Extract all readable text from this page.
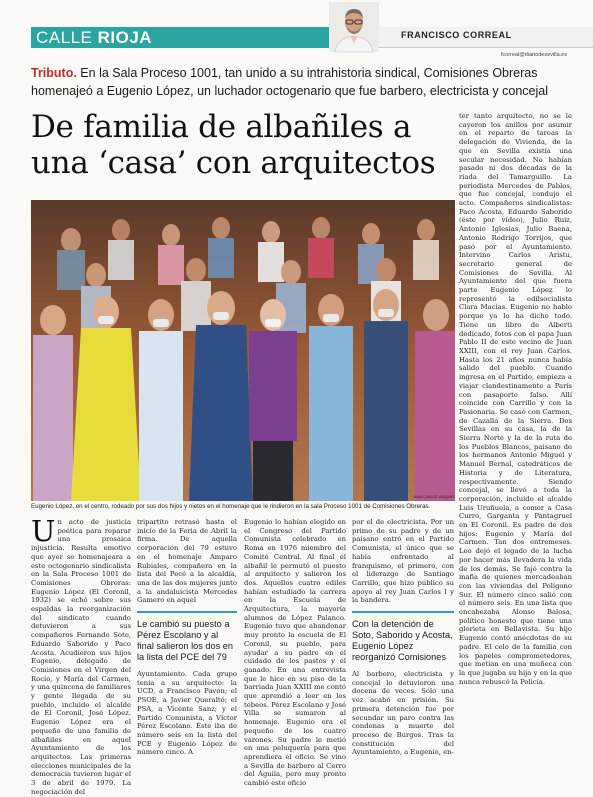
CALLE RIOJA	FRANCISCO CORREAL
fcorreal@diariodesevilla.es
Tributo. En la Sala Proceso 1001, tan unido a su intrahistoria sindical, Comisiones Obreras homenajeó a Eugenio López, un luchador octogenario que fue barbero, electricista y concejal
De familia de albañiles a
una ‘casa’ con arquitectos
ter tanto arquitecto, no se le cayeron los anillos por asumir en el reparto de tareas la delegación de Vivienda, de la que en Sevilla existía una secular necesidad. No habían pasado ni dos décadas de la riada del Tamarguillo. La periodista Mercedes de Pablos, que fue concejal, condujo el acto. Compañeros sindicalistas: Paco Acosta, Eduardo Saborido (éste por vídeo), Julio Ruiz, Antonio Iglesias, Julio Baena, Antonio Rodrigo Torrijos, que pasó por el Ayuntamiento. Intervino Carlos Aristu, secretario general de Comisiones de Sevilla. Al Ayuntamiento del que fuera parte Eugenio López lo representó la edilsocialista Clara Macías. Eugenio no hablo porque ya lo ha dicho todo. Tiene un libro de Alberti dedicado, fotos con el papa Juan Pablo II de este vecino de Juan XXIII, con el rey Juan Carlos. Hasta los 21 años nunca había salido del pueblo. Cuando ingresa en el Partido, empieza a viajar clandestinamente a París con pasaporte falso. Allí coincide con Carrillo y con la Pasionaria. Se casó con Carmen, de Cazalla de la Sierra. Dos Sevillas en su casa, la de la Sierra Norte y la de la ruta de los Pueblos Blancos, paisano de los hermanos Antonio Miguel y Manuel Bernal, catedráticos de Historia y de Literatura, respectivamente. Siendo concejal, se llevó a toda la corporación, incluido el alcalde Luis Uruñuela, a comer a Casa Curro, Garganta y Pantagruel en El Coronil. Es padre de dos hijos: Eugenio y María del Carmen. Tan dos entremeses. Leo dejó el legado de la lucha por hacer más llevadera la vida de los demás. Se fajó contra la mafia de quienes mercadeaban con las viviendas del Polígono Sur. El número cinco salió con el número seis. En una lista que encabezaba Alonso Balosa, político honesto que tiene una glorieta en Bellavista. Su hijo Eugenio contó anécdotas de su padre. El celo de la familia con los papeles comprometedores, que metían en una muñeca con la que jugaba su hija y en la que nunca rebuscó la Policía.
JUAN CARLOS VÁZQUEZ
Eugenio López, en el centro, rodeado por sus dos hijos y nietos en el homenaje que le rindieron en la sala Proceso 1001 de Comisiones Obreras.
Un acto de justicia poética para reparar una prosaica injusticia. Resulta emotivo que ayer se homenajeara a este octogenario sindicalista en la Sala Proceso 1001 de Comisiones Obreras: Eugenio López (El Coronil, 1932) se echó sobre sus espaldas la reorganización del sindicato cuando detuvieron a sus compañeros Fernando Soto, Eduardo Saborido y Paco Acosta. Acudieron sus hijos Eugenio, delegado de Comisiones en el Virgen del Rocío, y María del Carmen, y una quincena de familiares y gente llegada de su pueblo, incluido el alcalde de El Coronil, José López. Eugenio López era el pequeño de una familia de albañiles en aquel Ayuntamiento de los arquitectos. Las primeras elecciones municipales de la democracia tuvieron lugar el 3 de abril de 1979. La negociación del
tripartito retrasó hasta el inicio de la Feria de Abril la firma. De aquella corporación del 79 estuvo en el homenaje Amparo Rubiales, compañera en la lista del Pecé a la alcaldía, una de las dos mujeres junto a la andaluicista Mercedes Gamero en aquel
Le cambió su puesto a Pérez Escolano y al final salieron los dos en la lista del PCE del 79
Ayuntamiento. Cada grupo tenía a su arquitecto: la UCD, a Francisco Pavón; el PSOE, a Javier Queraltó; el PSA, a Vicente Sanz; y el Partido Comunista, a Víctor Pérez Escolano. Éste iba de número seis en la lista del PCE y Eugenio López de número cinco. A
Eugenio lo habían elegido en el Congreso del Partido Comunista celebrado en Roma en 1976 miembro del Comité Central. Al final el albañil le permutó el puesto al arquitecto y salieron los dos. Aquellos cuatro ediles habían estudiado la carrera en la Escuela de Arquitectura, la mayoría alumnos de López Palanco. Eugenio tuvo que abandonar muy pronto la escuela de El Coronil, su pueblo, para ayudar a su padre en el cuidado de los pastos y el ganado. En una entrevista que le hice en su piso de la barriada Juan XXIII me contó que aprendió a leer en los tebeos. Pérez Escolano y José Villa se sumaron al homenaje. Eugenio era el pequeño de los cuatro varones. Su padre le metió en una peluquería para que aprendiera el oficio. Se vino a Sevilla de barbero al Cerro del Águila, pero muy pronto cambió este oficio
por el de electricista. Por un primo de su padre y de un paisano entró en el Partido Comunista, el único que se había enfrentado al franquismo, el primero, con el liderazgo de Santiago Carrillo, que hizo público su apoyo al rey Juan Carlos I y la bandera.
Con la detención de Soto, Saborido y Acosta, Eugenio López reorganizó Comisiones
Al barbero, electricista y concejal lo detuvieron una docena de veces. Sólo una vez acabó en prisión. Su primera detención fue por secundar un paro contra las condenas a muerte del proceso de Burgos. Tras la constitución del Ayuntamiento, a Eugenio, en-
